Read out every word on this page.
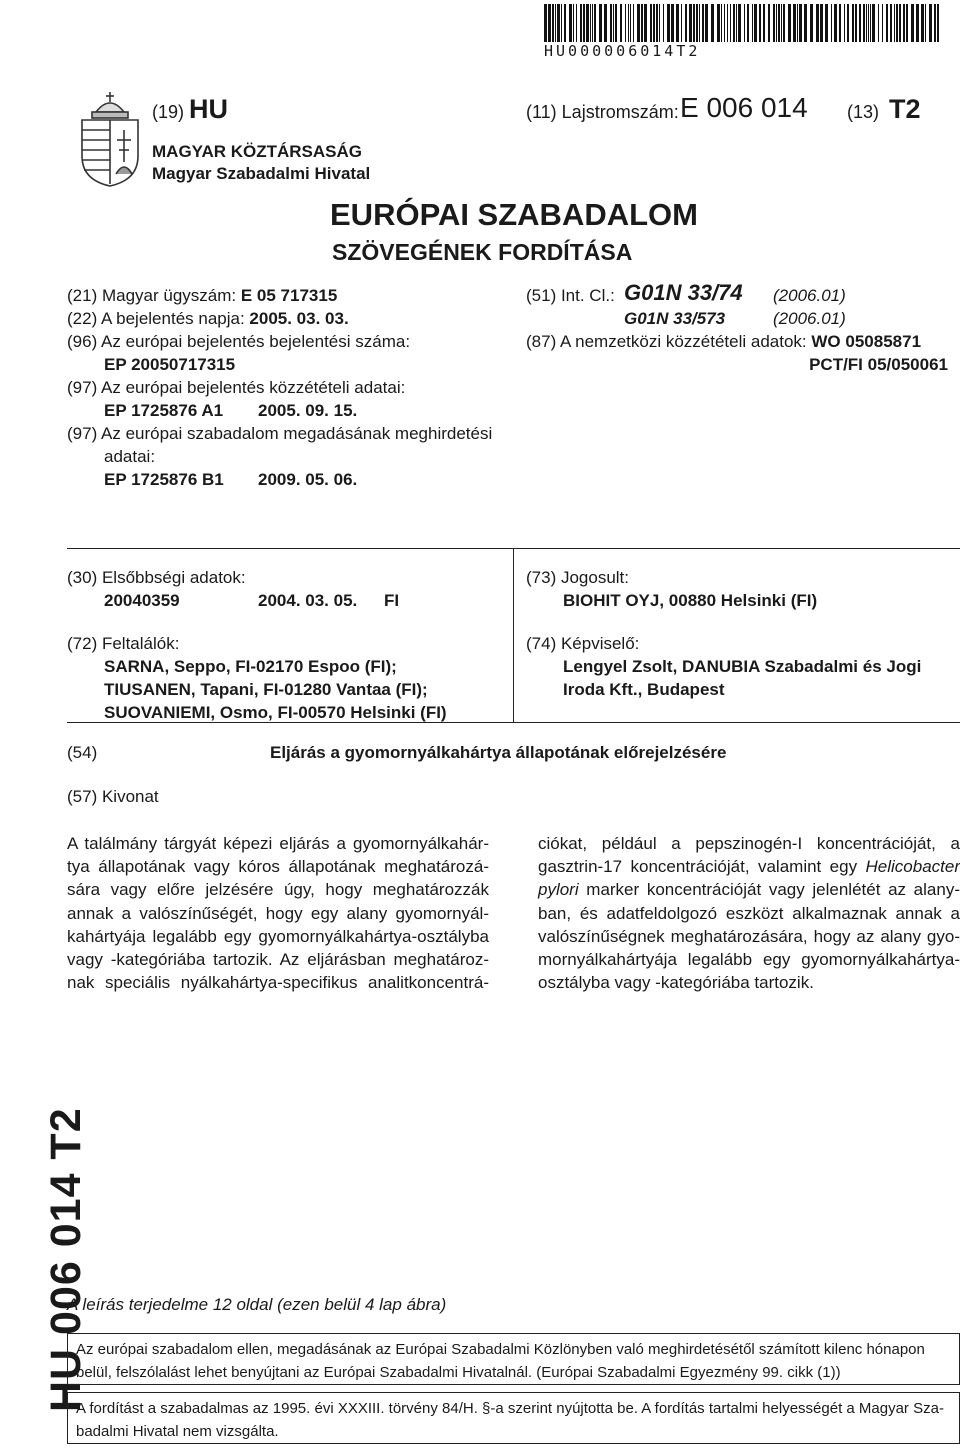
HU000006014T2
(19) HU	(11) Lajstromszám: E 006 014 (13) T2
MAGYAR KÖZTÁRSASÁG
Magyar Szabadalmi Hivatal
EURÓPAI SZABADALOM
SZÖVEGÉNEK FORDÍTÁSA
(21) Magyar ügyszám: E 05 717315
(22) A bejelentés napja: 2005. 03. 03.
(96) Az európai bejelentés bejelentési száma:
EP 20050717315
(97) Az európai bejelentés közzétételi adatai:
EP 1725876 A1 2005. 09. 15.
(97) Az európai szabadalom megadásának meghirdetési
adatai:
EP 1725876 B1 2009. 05. 06.
(51) Int. Cl.: G01N 33/74 (2006.01)
G01N 33/573	(2006.01)
(87) A nemzetközi közzétételi adatok: WO 05085871
PCT/FI 05/050061
(30) Elsőbbségi adatok:
20040359	2004. 03. 05. FI
(72) Feltalálók:
SARNA, Seppo, FI-02170 Espoo (FI);
TIUSANEN, Tapani, FI-01280 Vantaa (FI);
SUOVANIEMI, Osmo, FI-00570 Helsinki (FI)
(73) Jogosult:
BIOHIT OYJ, 00880 Helsinki (FI)
(74) Képviselő:
Lengyel Zsolt, DANUBIA Szabadalmi és Jogi
Iroda Kft., Budapest
(54)	Eljárás a gyomornyálkahártya állapotának előrejelzésére
(57) Kivonat
A találmány tárgyát képezi eljárás a gyomornyálkahár-
tya állapotának vagy kóros állapotának meghatározá-
sára vagy előre jelzésére úgy, hogy meghatározzák
annak a valószínűségét, hogy egy alany gyomornyál-
kahártyája legalább egy gyomornyálkahártya-osztályba
vagy -kategóriába tartozik. Az eljárásban meghatároz-
nak speciális nyálkahártya-specifikus analitkoncentrá-
ciókat, például a pepszinogén-I koncentrációját, a
gasztrin-17 koncentrációját, valamint egy Helicobacter
pylori marker koncentrációját vagy jelenlétét az alany-
ban, és adatfeldolgozó eszközt alkalmaznak annak a
valószínűségnek meghatározására, hogy az alany gyo-
mornyálkahártyája legalább egy gyomornyálkahártya-
osztályba vagy -kategóriába tartozik.
HU 006 014 T2
A leírás terjedelme 12 oldal (ezen belül 4 lap ábra)
Az európai szabadalom ellen, megadásának az Európai Szabadalmi Közlönyben való meghirdetésétől számított kilenc hónapon
belül, felszólalást lehet benyújtani az Európai Szabadalmi Hivatalnál. (Európai Szabadalmi Egyezmény 99. cikk (1))
A fordítást a szabadalmas az 1995. évi XXXIII. törvény 84/H. §-a szerint nyújtotta be. A fordítás tartalmi helyességét a Magyar Sza-
badalmi Hivatal nem vizsgálta.
